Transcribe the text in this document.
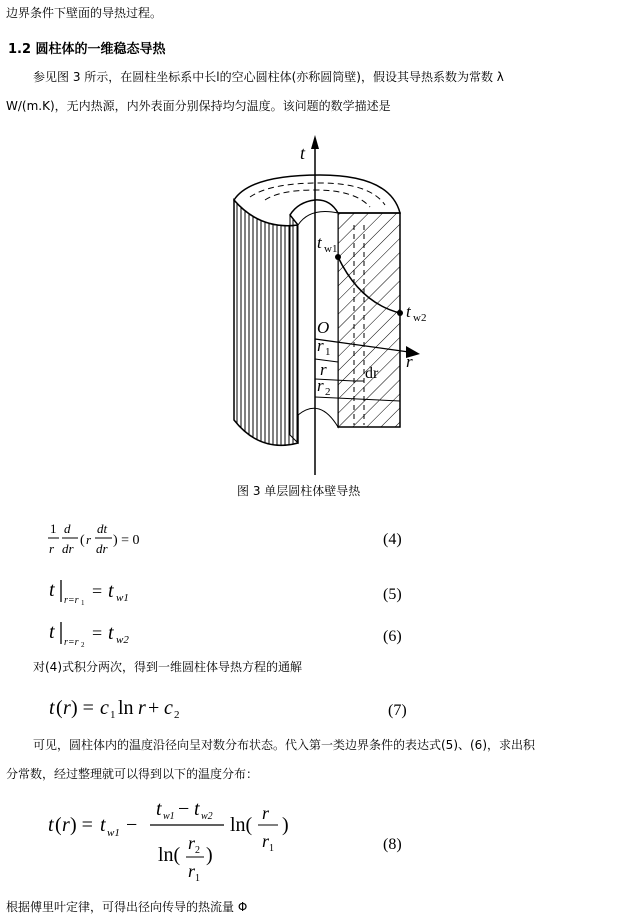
边界条件下壁面的导热过程。
1.2 圆柱体的一维稳态导热
参见图 3 所示，在圆柱坐标系中长l的空心圆柱体(亦称圆筒壁)，假设其导热系数为常数 λ
W/(m.K)，无内热源，内外表面分别保持均匀温度。该问题的数学描述是
t
t w1
t w2
O
r 1	r
r dr
r 2
图 3 单层圆柱体壁导热
1
r
d
dr
( r
dt
dr
) = 0	(4)
t r=r 1
= t w1	(5)
t r=r 2
= t w2	(6)
对(4)式积分两次，得到一维圆柱体导热方程的通解
t ( r ) = c 1 ln r + c 2	(7)
可见，圆柱体内的温度沿径向呈对数分布状态。代入第一类边界条件的表达式(5)、(6)，求出积
分常数，经过整理就可以得到以下的温度分布：
t ( r ) = t w1 −
t w1 − t w2
ln(
r 2
r 1
)
ln(
r
r 1
)
(8)
根据傅里叶定律，可得出径向传导的热流量 Φ
